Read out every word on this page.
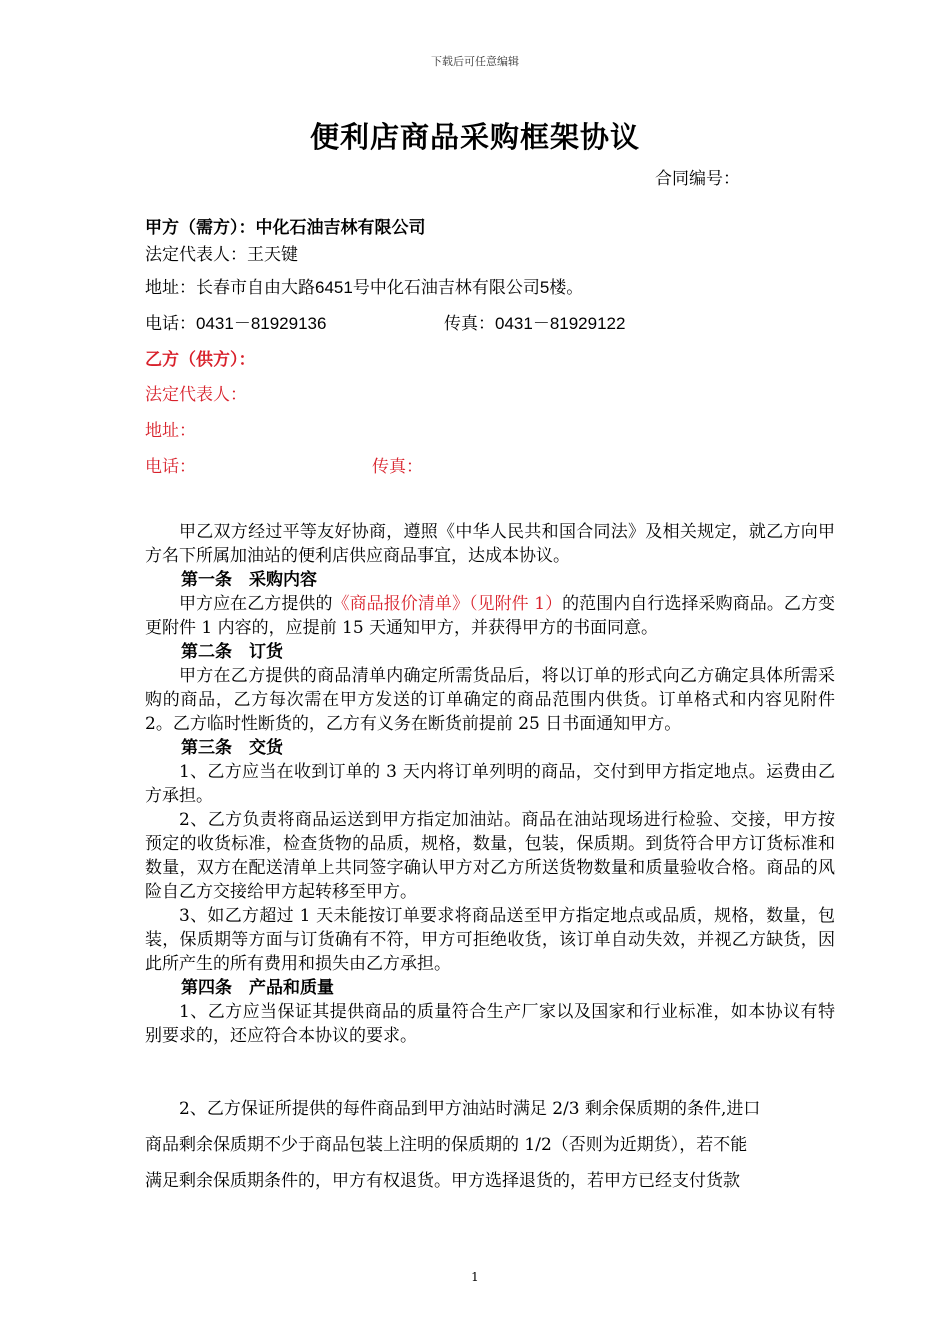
下载后可任意编辑
便利店商品采购框架协议
合同编号：
甲方（需方）：中化石油吉林有限公司
法定代表人：王天键
地址：长春市自由大路6451号中化石油吉林有限公司5楼。
电话：0431－81929136	传真：0431－81929122
乙方（供方）：
法定代表人：
地址：
电话：	传真：

甲乙双方经过平等友好协商，遵照《中华人民共和国合同法》及相关规定，就乙方向甲方名下所属加油站的便利店供应商品事宜，达成本协议。

第一条　采购内容

甲方应在乙方提供的《商品报价清单》（见附件 1）的范围内自行选择采购商品。乙方变更附件 1 内容的，应提前 15 天通知甲方，并获得甲方的书面同意。

第二条　订货

甲方在乙方提供的商品清单内确定所需货品后，将以订单的形式向乙方确定具体所需采购的商品，乙方每次需在甲方发送的订单确定的商品范围内供货。订单格式和内容见附件 2。乙方临时性断货的，乙方有义务在断货前提前 25 日书面通知甲方。

第三条　交货

1、乙方应当在收到订单的 3 天内将订单列明的商品，交付到甲方指定地点。运费由乙方承担。

2、乙方负责将商品运送到甲方指定加油站。商品在油站现场进行检验、交接，甲方按预定的收货标准，检查货物的品质，规格，数量，包装，保质期。到货符合甲方订货标准和数量，双方在配送清单上共同签字确认甲方对乙方所送货物数量和质量验收合格。商品的风险自乙方交接给甲方起转移至甲方。

3、如乙方超过 1 天未能按订单要求将商品送至甲方指定地点或品质，规格，数量，包装，保质期等方面与订货确有不符，甲方可拒绝收货，该订单自动失效，并视乙方缺货，因此所产生的所有费用和损失由乙方承担。

第四条　产品和质量

1、乙方应当保证其提供商品的质量符合生产厂家以及国家和行业标准，如本协议有特别要求的，还应符合本协议的要求。

2、乙方保证所提供的每件商品到甲方油站时满足 2/3 剩余保质期的条件,进口
商品剩余保质期不少于商品包装上注明的保质期的 1/2（否则为近期货），若不能
满足剩余保质期条件的，甲方有权退货。甲方选择退货的，若甲方已经支付货款
1
